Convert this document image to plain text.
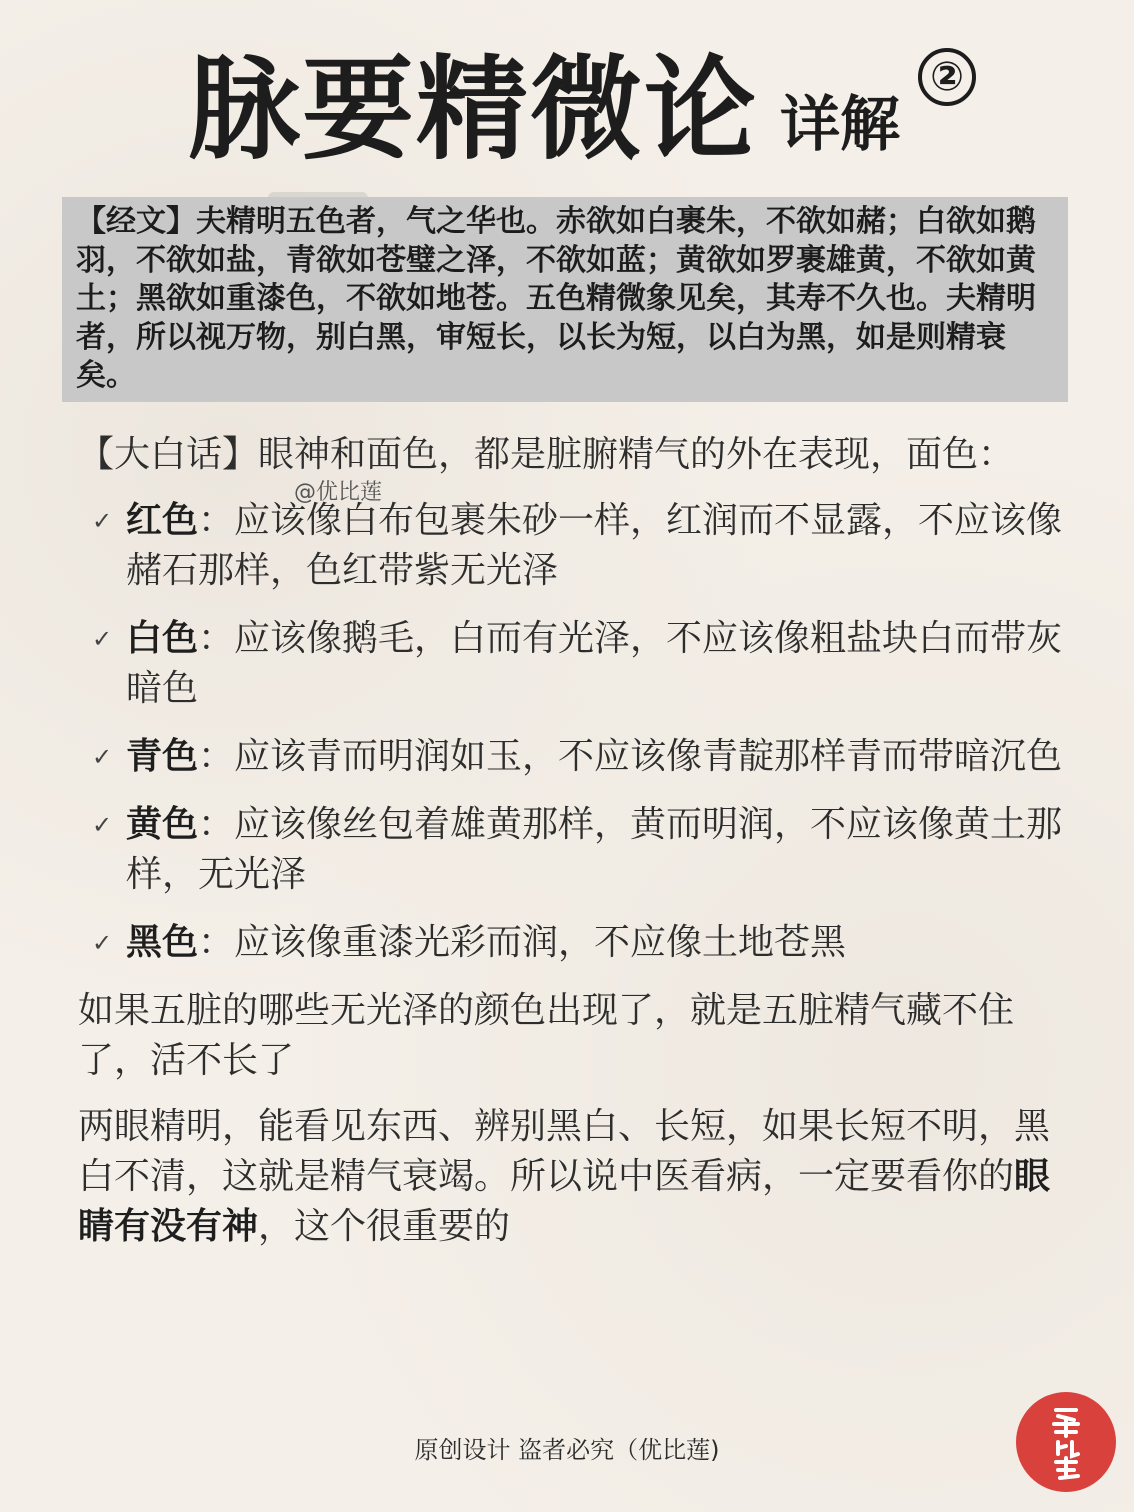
脉要精微论 详解
②

【经文】夫精明五色者，气之华也。赤欲如白裹朱，不欲如赭；白欲如鹅羽，不欲如盐，青欲如苍璧之泽，不欲如蓝；黄欲如罗裹雄黄，不欲如黄土；黑欲如重漆色，不欲如地苍。五色精微象见矣，其寿不久也。夫精明者，所以视万物，别白黑，审短长，以长为短，以白为黑，如是则精衰矣。

【大白话】眼神和面色，都是脏腑精气的外在表现，面色：

✓ 红色：应该像白布包裹朱砂一样，红润而不显露，不应该像赭石那样，色红带紫无光泽
✓ 白色：应该像鹅毛，白而有光泽，不应该像粗盐块白而带灰暗色
✓ 青色：应该青而明润如玉，不应该像青靛那样青而带暗沉色
✓ 黄色：应该像丝包着雄黄那样，黄而明润，不应该像黄土那样，无光泽
✓ 黑色：应该像重漆光彩而润，不应像土地苍黑

如果五脏的哪些无光泽的颜色出现了，就是五脏精气藏不住了，活不长了

两眼精明，能看见东西、辨别黑白、长短，如果长短不明，黑白不清，这就是精气衰竭。所以说中医看病，一定要看你的眼睛有没有神，这个很重要的

@优比莲
原创设计 盗者必究（优比莲)
